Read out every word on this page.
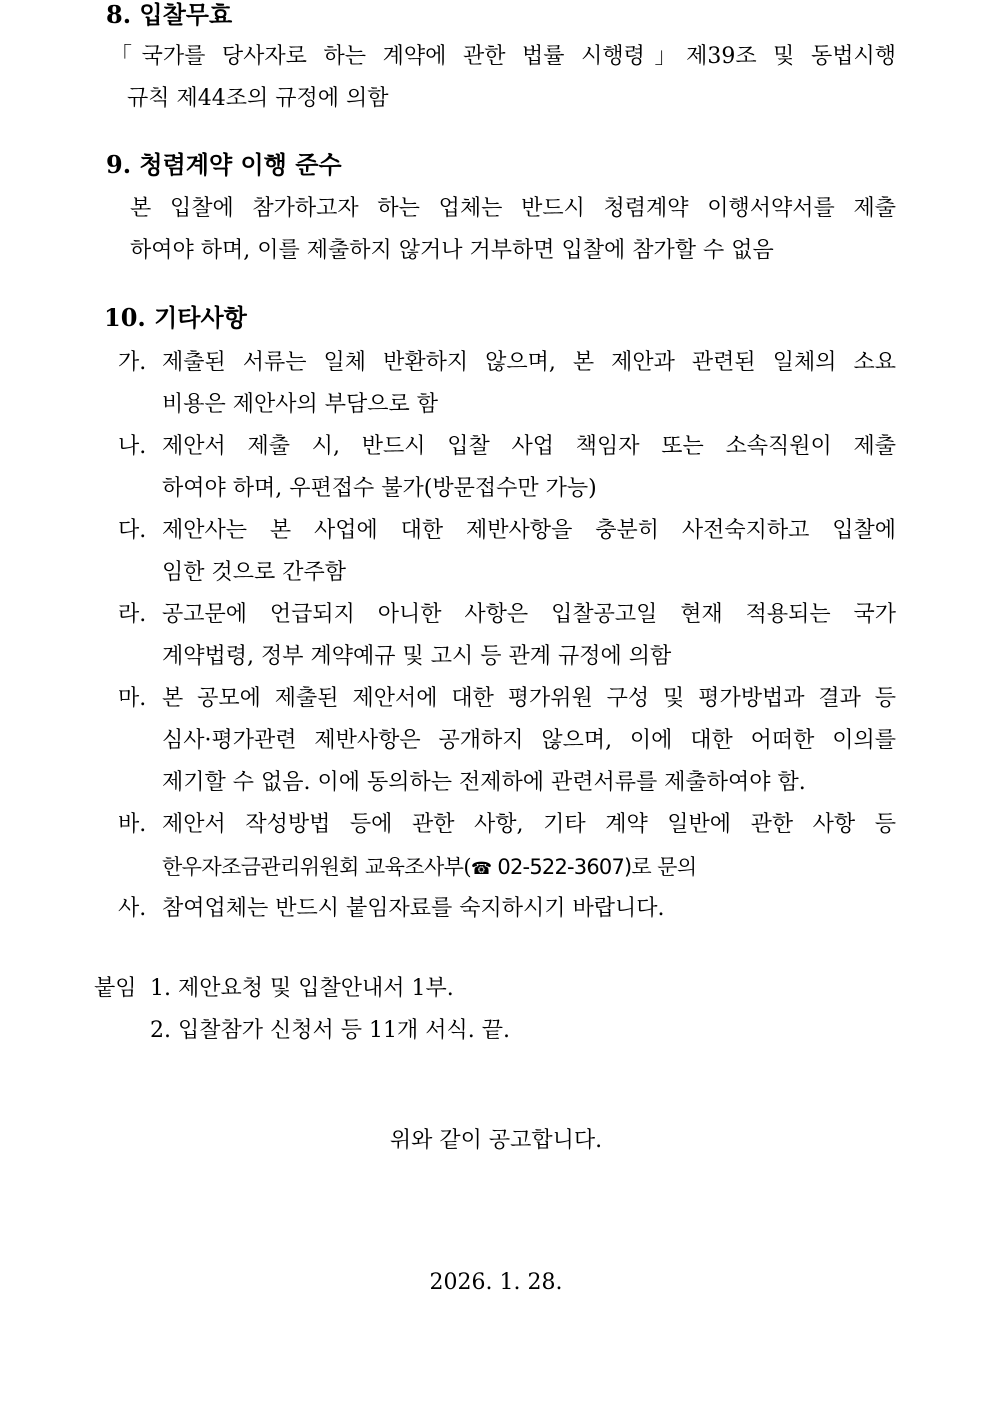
8. 입찰무효
「국가를 당사자로 하는 계약에 관한 법률 시행령」제39조 및 동법시행
규칙 제44조의 규정에 의함
9. 청렴계약 이행 준수
본 입찰에 참가하고자 하는 업체는 반드시 청렴계약 이행서약서를 제출
하여야 하며, 이를 제출하지 않거나 거부하면 입찰에 참가할 수 없음
10. 기타사항
가. 제출된 서류는 일체 반환하지 않으며, 본 제안과 관련된 일체의 소요
비용은 제안사의 부담으로 함
나. 제안서 제출 시, 반드시 입찰 사업 책임자 또는 소속직원이 제출
하여야 하며, 우편접수 불가(방문접수만 가능)
다. 제안사는 본 사업에 대한 제반사항을 충분히 사전숙지하고 입찰에
임한 것으로 간주함
라. 공고문에 언급되지 아니한 사항은 입찰공고일 현재 적용되는 국가
계약법령, 정부 계약예규 및 고시 등 관계 규정에 의함
마. 본 공모에 제출된 제안서에 대한 평가위원 구성 및 평가방법과 결과 등
심사·평가관련 제반사항은 공개하지 않으며, 이에 대한 어떠한 이의를
제기할 수 없음. 이에 동의하는 전제하에 관련서류를 제출하여야 함.
바. 제안서 작성방법 등에 관한 사항, 기타 계약 일반에 관한 사항 등
한우자조금관리위원회 교육조사부(☎ 02-522-3607)로 문의
사. 참여업체는 반드시 붙임자료를 숙지하시기 바랍니다.
붙임 1. 제안요청 및 입찰안내서 1부.
2. 입찰참가 신청서 등 11개 서식. 끝.
위와 같이 공고합니다.
2026. 1. 28.
